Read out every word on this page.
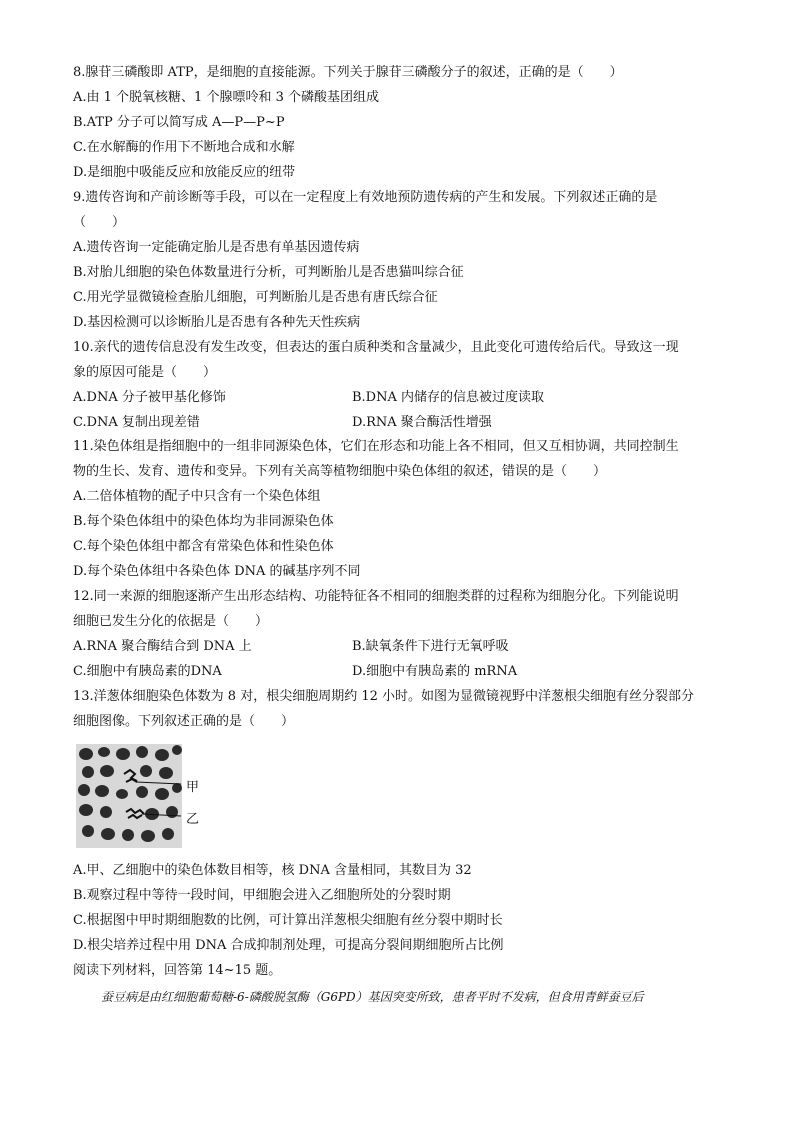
8.腺苷三磷酸即 ATP，是细胞的直接能源。下列关于腺苷三磷酸分子的叙述，正确的是（　　）
A.由 1 个脱氧核糖、1 个腺嘌呤和 3 个磷酸基团组成
B.ATP 分子可以简写成 A—P—P~P
C.在水解酶的作用下不断地合成和水解
D.是细胞中吸能反应和放能反应的纽带
9.遗传咨询和产前诊断等手段，可以在一定程度上有效地预防遗传病的产生和发展。下列叙述正确的是
（　　）
A.遗传咨询一定能确定胎儿是否患有单基因遗传病
B.对胎儿细胞的染色体数量进行分析，可判断胎儿是否患猫叫综合征
C.用光学显微镜检查胎儿细胞，可判断胎儿是否患有唐氏综合征
D.基因检测可以诊断胎儿是否患有各种先天性疾病
10.亲代的遗传信息没有发生改变，但表达的蛋白质种类和含量减少，且此变化可遗传给后代。导致这一现
象的原因可能是（　　）
A.DNA 分子被甲基化修饰	B.DNA 内储存的信息被过度读取
C.DNA 复制出现差错	D.RNA 聚合酶活性增强
11.染色体组是指细胞中的一组非同源染色体，它们在形态和功能上各不相同，但又互相协调，共同控制生
物的生长、发育、遗传和变异。下列有关高等植物细胞中染色体组的叙述，错误的是（　　）
A.二倍体植物的配子中只含有一个染色体组
B.每个染色体组中的染色体均为非同源染色体
C.每个染色体组中都含有常染色体和性染色体
D.每个染色体组中各染色体 DNA 的碱基序列不同
12.同一来源的细胞逐渐产生出形态结构、功能特征各不相同的细胞类群的过程称为细胞分化。下列能说明
细胞已发生分化的依据是（　　）
A.RNA 聚合酶结合到 DNA 上	B.缺氧条件下进行无氧呼吸
C.细胞中有胰岛素的DNA	D.细胞中有胰岛素的 mRNA
13.洋葱体细胞染色体数为 8 对，根尖细胞周期约 12 小时。如图为显微镜视野中洋葱根尖细胞有丝分裂部分
细胞图像。下列叙述正确的是（　　）
甲
乙
A.甲、乙细胞中的染色体数目相等，核 DNA 含量相同，其数目为 32
B.观察过程中等待一段时间，甲细胞会进入乙细胞所处的分裂时期
C.根据图中甲时期细胞数的比例，可计算出洋葱根尖细胞有丝分裂中期时长
D.根尖培养过程中用 DNA 合成抑制剂处理，可提高分裂间期细胞所占比例
阅读下列材料，回答第 14~15 题。
蚕豆病是由红细胞葡萄糖-6-磷酸脱氢酶（G6PD）基因突变所致，患者平时不发病，但食用青鲜蚕豆后
